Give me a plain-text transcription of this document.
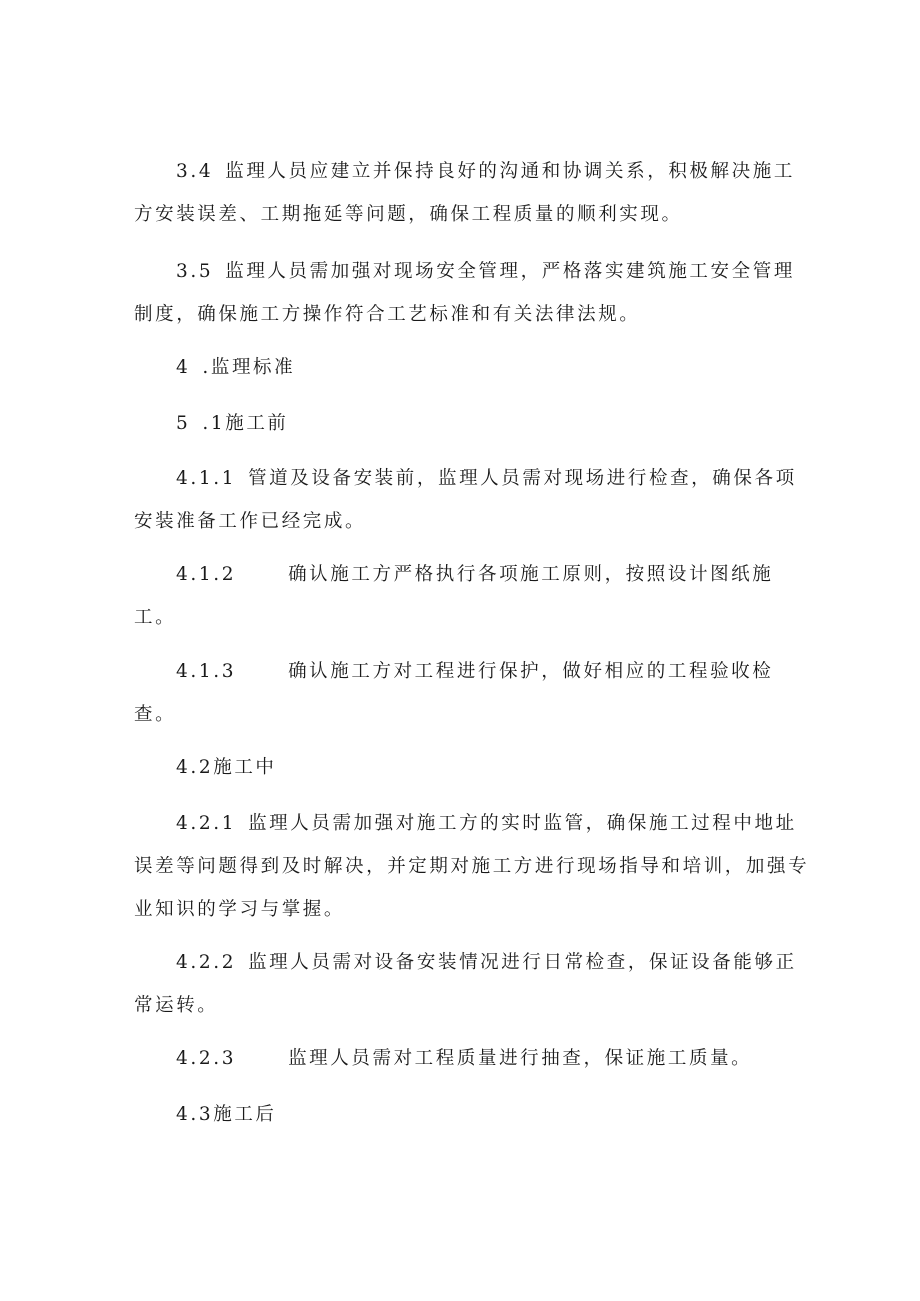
3.4 监理人员应建立并保持良好的沟通和协调关系，积极解决施工
方安装误差、工期拖延等问题，确保工程质量的顺利实现。
3.5 监理人员需加强对现场安全管理，严格落实建筑施工安全管理
制度，确保施工方操作符合工艺标准和有关法律法规。
4 .监理标准
5 .1施工前
4.1.1 管道及设备安装前，监理人员需对现场进行检查，确保各项
安装准备工作已经完成。
4.1.2	确认施工方严格执行各项施工原则，按照设计图纸施
工。
4.1.3	确认施工方对工程进行保护，做好相应的工程验收检
查。
4.2施工中
4.2.1 监理人员需加强对施工方的实时监管，确保施工过程中地址
误差等问题得到及时解决，并定期对施工方进行现场指导和培训，加强专
业知识的学习与掌握。
4.2.2 监理人员需对设备安装情况进行日常检查，保证设备能够正
常运转。
4.2.3	监理人员需对工程质量进行抽查，保证施工质量。
4.3施工后
